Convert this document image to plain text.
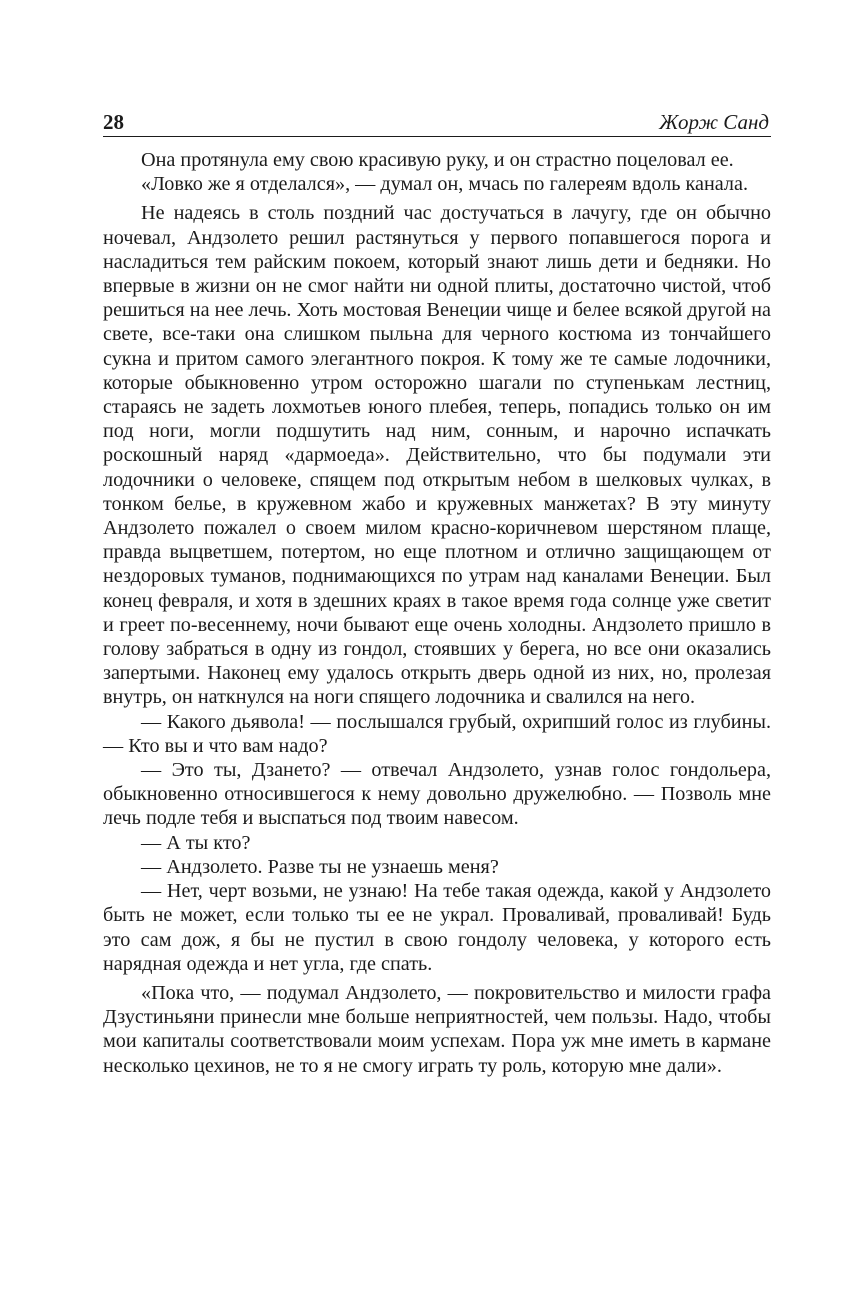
28	Жорж Санд

Она протянула ему свою красивую руку, и он страстно поцеловал ее.

«Ловко же я отделался», — думал он, мчась по галереям вдоль канала.

Не надеясь в столь поздний час достучаться в лачугу, где он обычно ночевал, Андзолето решил растянуться у первого попавшегося порога и насладиться тем райским покоем, который знают лишь дети и бедняки. Но впервые в жизни он не смог найти ни одной плиты, достаточно чистой, чтоб решиться на нее лечь. Хоть мостовая Венеции чище и белее всякой другой на свете, все-таки она слишком пыльна для черного костюма из тончайшего сукна и притом самого элегантного покроя. К тому же те самые лодочники, которые обыкновенно утром осторожно шагали по ступенькам лестниц, стараясь не задеть лохмотьев юного плебея, теперь, попадись только он им под ноги, могли подшутить над ним, сонным, и нарочно испачкать роскошный наряд «дармоеда». Действительно, что бы подумали эти лодочники о человеке, спящем под открытым небом в шелковых чулках, в тонком белье, в кружевном жабо и кружевных манжетах? В эту минуту Андзолето пожалел о своем милом красно-коричневом шерстяном плаще, правда выцветшем, потертом, но еще плотном и отлично защищающем от нездоровых туманов, поднимающихся по утрам над каналами Венеции. Был конец февраля, и хотя в здешних краях в такое время года солнце уже светит и греет по-весеннему, ночи бывают еще очень холодны. Андзолето пришло в голову забраться в одну из гондол, стоявших у берега, но все они оказались запертыми. Наконец ему удалось открыть дверь одной из них, но, пролезая внутрь, он наткнулся на ноги спящего лодочника и свалился на него.

— Какого дьявола! — послышался грубый, охрипший голос из глубины. — Кто вы и что вам надо?

— Это ты, Дзането? — отвечал Андзолето, узнав голос гондольера, обыкновенно относившегося к нему довольно дружелюбно. — Позволь мне лечь подле тебя и выспаться под твоим навесом.

— А ты кто?

— Андзолето. Разве ты не узнаешь меня?

— Нет, черт возьми, не узнаю! На тебе такая одежда, какой у Андзолето быть не может, если только ты ее не украл. Проваливай, проваливай! Будь это сам дож, я бы не пустил в свою гондолу человека, у которого есть нарядная одежда и нет угла, где спать.

«Пока что, — подумал Андзолето, — покровительство и милости графа Дзустиньяни принесли мне больше неприятностей, чем пользы. Надо, чтобы мои капиталы соответствовали моим успехам. Пора уж мне иметь в кармане несколько цехинов, не то я не смогу играть ту роль, которую мне дали».
